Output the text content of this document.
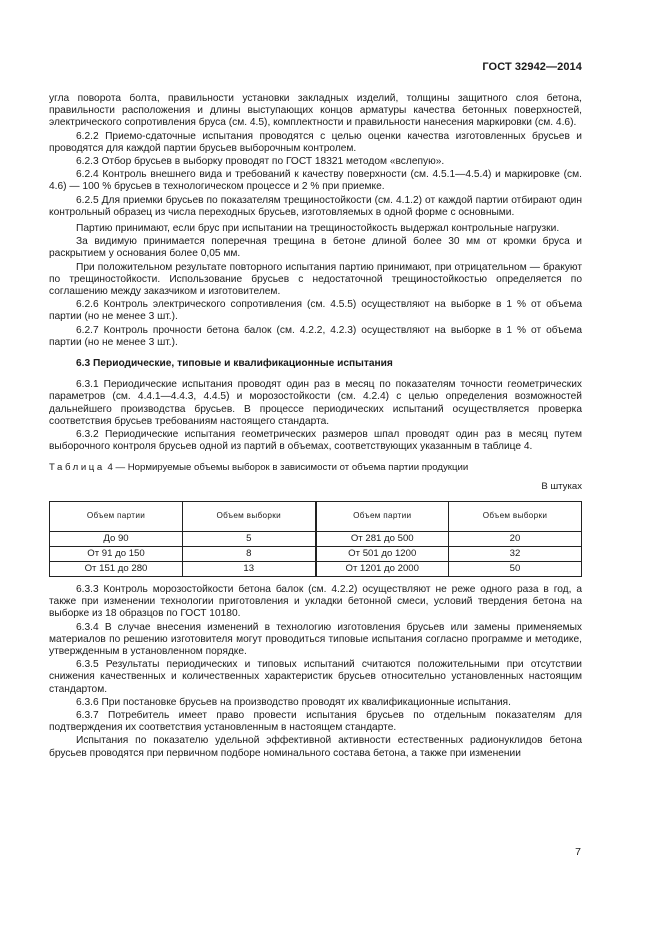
ГОСТ 32942—2014

угла поворота болта, правильности установки закладных изделий, толщины защитного слоя бетона, правильности расположения и длины выступающих концов арматуры качества бетонных поверхностей, электрического сопротивления бруса (см. 4.5), комплектности и правильности нанесения маркировки (см. 4.6).

6.2.2 Приемо-сдаточные испытания проводятся с целью оценки качества изготовленных брусьев и проводятся для каждой партии брусьев выборочным контролем.

6.2.3 Отбор брусьев в выборку проводят по ГОСТ 18321 методом «вслепую».

6.2.4 Контроль внешнего вида и требований к качеству поверхности (см. 4.5.1—4.5.4) и маркировке (см. 4.6) — 100 % брусьев в технологическом процессе и 2 % при приемке.

6.2.5 Для приемки брусьев по показателям трещиностойкости (см. 4.1.2) от каждой партии отбирают один контрольный образец из числа переходных брусьев, изготовляемых в одной форме с основными.

Партию принимают, если брус при испытании на трещиностойкость выдержал контрольные нагрузки.

За видимую принимается поперечная трещина в бетоне длиной более 30 мм от кромки бруса и раскрытием у основания более 0,05 мм.

При положительном результате повторного испытания партию принимают, при отрицательном — бракуют по трещиностойкости. Использование брусьев с недостаточной трещиностойкостью определяется по соглашению между заказчиком и изготовителем.

6.2.6 Контроль электрического сопротивления (см. 4.5.5) осуществляют на выборке в 1 % от объема партии (но не менее 3 шт.).

6.2.7 Контроль прочности бетона балок (см. 4.2.2, 4.2.3) осуществляют на выборке в 1 % от объема партии (но не менее 3 шт.).

6.3 Периодические, типовые и квалификационные испытания

6.3.1 Периодические испытания проводят один раз в месяц по показателям точности геометрических параметров (см. 4.4.1—4.4.3, 4.4.5) и морозостойкости (см. 4.2.4) с целью определения возможностей дальнейшего производства брусьев. В процессе периодических испытаний осуществляется проверка соответствия брусьев требованиям настоящего стандарта.

6.3.2 Периодические испытания геометрических размеров шпал проводят один раз в месяц путем выборочного контроля брусьев одной из партий в объемах, соответствующих указанным в таблице 4.

Таблица 4 — Нормируемые объемы выборок в зависимости от объема партии продукции
В штуках
Объем партии	Объем выборки	Объем партии	Объем выборки
До 90	5	От 281 до 500	20
От 91 до 150	8	От 501 до 1200	32
От 151 до 280	13	От 1201 до 2000	50

6.3.3 Контроль морозостойкости бетона балок (см. 4.2.2) осуществляют не реже одного раза в год, а также при изменении технологии приготовления и укладки бетонной смеси, условий твердения бетона на выборке из 18 образцов по ГОСТ 10180.

6.3.4 В случае внесения изменений в технологию изготовления брусьев или замены применяемых материалов по решению изготовителя могут проводиться типовые испытания согласно программе и методике, утвержденным в установленном порядке.

6.3.5 Результаты периодических и типовых испытаний считаются положительными при отсутствии снижения качественных и количественных характеристик брусьев относительно установленных настоящим стандартом.

6.3.6 При постановке брусьев на производство проводят их квалификационные испытания.

6.3.7 Потребитель имеет право провести испытания брусьев по отдельным показателям для подтверждения их соответствия установленным в настоящем стандарте.

Испытания по показателю удельной эффективной активности естественных радионуклидов бетона брусьев проводятся при первичном подборе номинального состава бетона, а также при изменении

7
